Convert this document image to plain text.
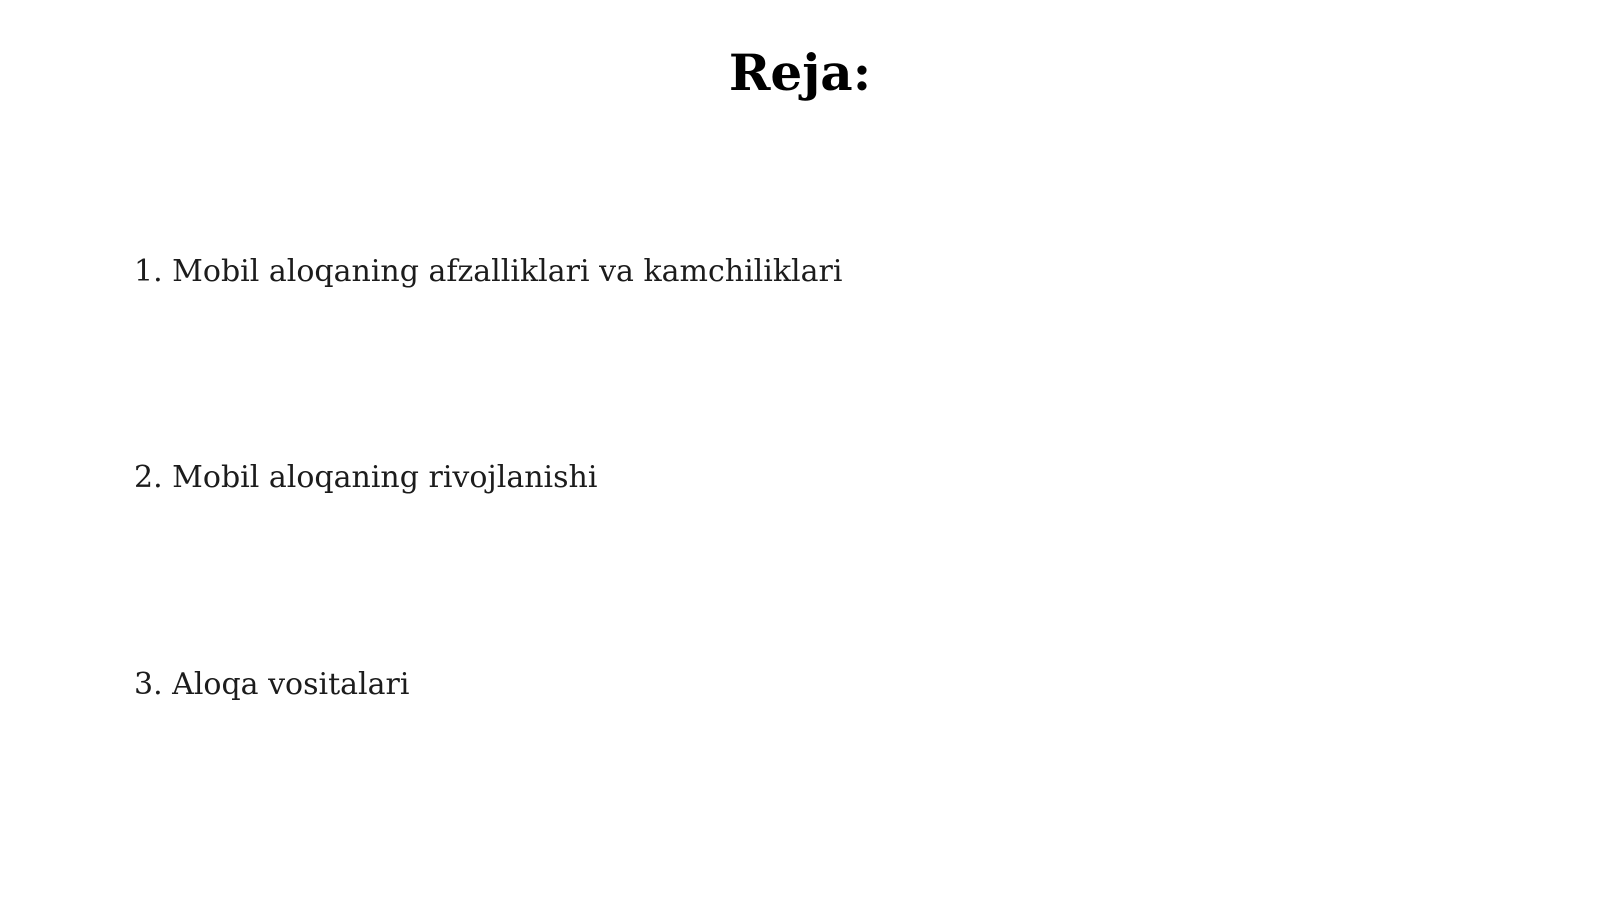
Reja:
1. Mobil aloqaning afzalliklari va kamchiliklari
2. Mobil aloqaning rivojlanishi
3. Aloqa vositalari
